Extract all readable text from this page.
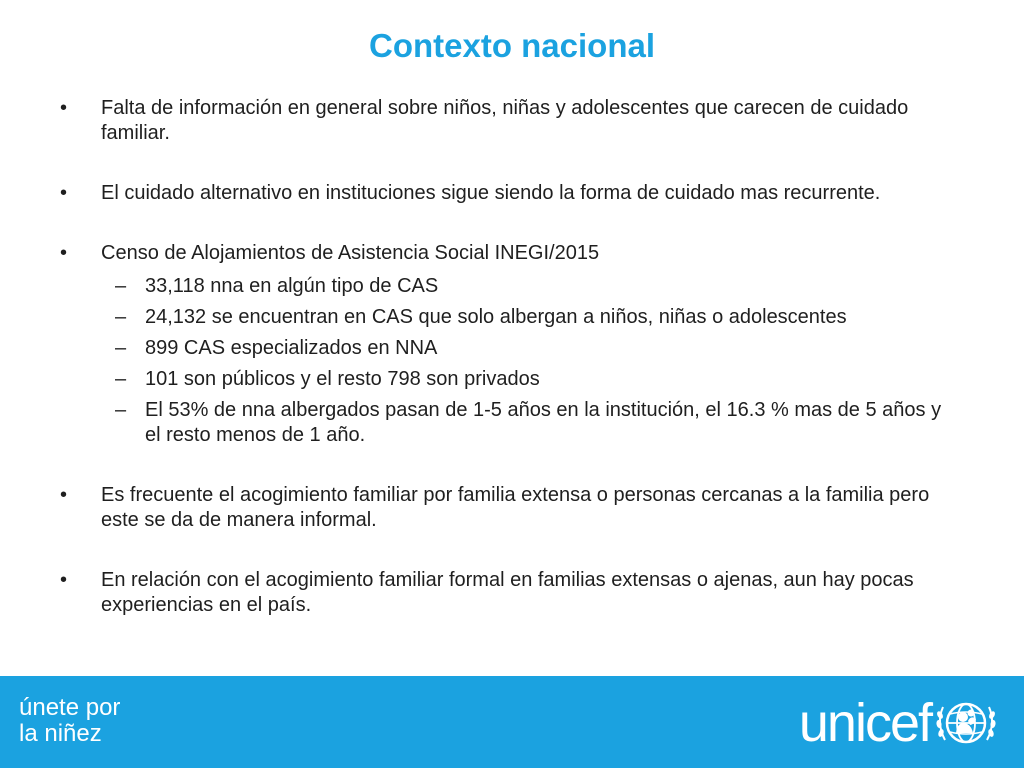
Contexto nacional
• Falta de información en general sobre niños, niñas y adolescentes que carecen de cuidado familiar.
• El cuidado alternativo en instituciones sigue siendo la forma de cuidado mas recurrente.
• Censo de Alojamientos de Asistencia Social INEGI/2015
– 33,118 nna en algún tipo de CAS
– 24,132 se encuentran en CAS que solo albergan a niños, niñas o adolescentes
– 899 CAS especializados en NNA
– 101 son públicos y el resto 798 son privados
– El 53% de nna albergados pasan de 1-5 años en la institución, el 16.3 % mas de 5 años y el resto menos de 1 año.
• Es frecuente el acogimiento familiar por familia extensa o personas cercanas a la familia pero este se da de manera informal.
• En relación con el acogimiento familiar formal en familias extensas o ajenas, aun hay pocas experiencias en el país.
únete por
la niñez	unicef
